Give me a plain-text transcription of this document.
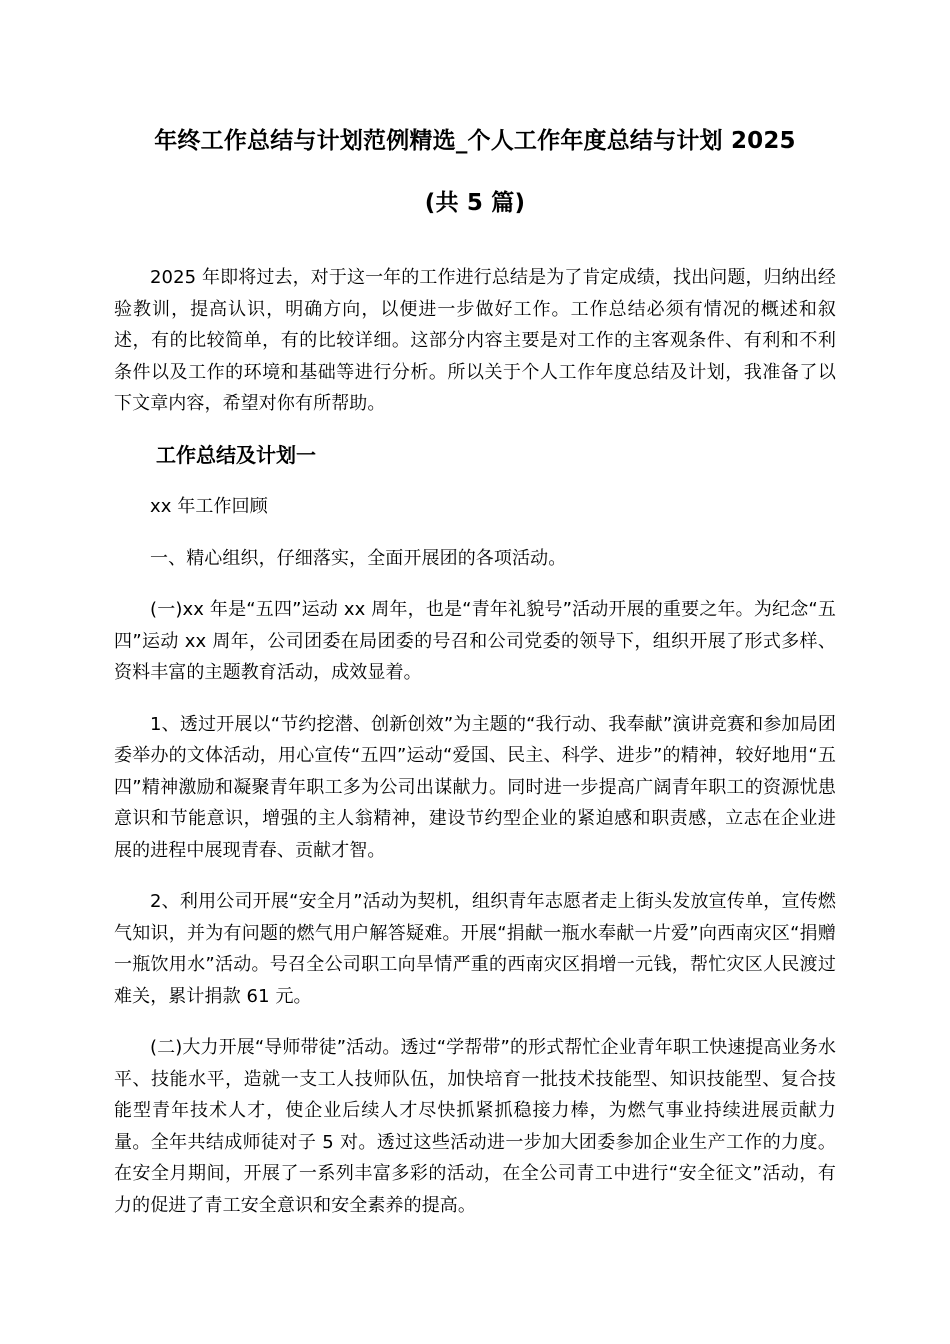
年终工作总结与计划范例精选_个人工作年度总结与计划 2025
(共 5 篇)

2025 年即将过去，对于这一年的工作进行总结是为了肯定成绩，找出问题，归纳出经验教训，提高认识，明确方向，以便进一步做好工作。工作总结必须有情况的概述和叙述，有的比较简单，有的比较详细。这部分内容主要是对工作的主客观条件、有利和不利条件以及工作的环境和基础等进行分析。所以关于个人工作年度总结及计划，我准备了以下文章内容，希望对你有所帮助。

工作总结及计划一

xx 年工作回顾

一、精心组织，仔细落实，全面开展团的各项活动。

(一)xx 年是“五四”运动 xx 周年，也是“青年礼貌号”活动开展的重要之年。为纪念“五四”运动 xx 周年，公司团委在局团委的号召和公司党委的领导下，组织开展了形式多样、资料丰富的主题教育活动，成效显着。

1、透过开展以“节约挖潜、创新创效”为主题的“我行动、我奉献”演讲竞赛和参加局团委举办的文体活动，用心宣传“五四”运动“爱国、民主、科学、进步”的精神，较好地用“五四”精神激励和凝聚青年职工多为公司出谋献力。同时进一步提高广阔青年职工的资源忧患意识和节能意识，增强的主人翁精神，建设节约型企业的紧迫感和职责感，立志在企业进展的进程中展现青春、贡献才智。

2、利用公司开展“安全月”活动为契机，组织青年志愿者走上街头发放宣传单，宣传燃气知识，并为有问题的燃气用户解答疑难。开展“捐献一瓶水奉献一片爱”向西南灾区“捐赠一瓶饮用水”活动。号召全公司职工向旱情严重的西南灾区捐增一元钱，帮忙灾区人民渡过难关，累计捐款 61 元。

(二)大力开展“导师带徒”活动。透过“学帮带”的形式帮忙企业青年职工快速提高业务水平、技能水平，造就一支工人技师队伍，加快培育一批技术技能型、知识技能型、复合技能型青年技术人才，使企业后续人才尽快抓紧抓稳接力棒，为燃气事业持续进展贡献力量。全年共结成师徒对子 5 对。透过这些活动进一步加大团委参加企业生产工作的力度。在安全月期间，开展了一系列丰富多彩的活动，在全公司青工中进行“安全征文”活动，有力的促进了青工安全意识和安全素养的提高。
